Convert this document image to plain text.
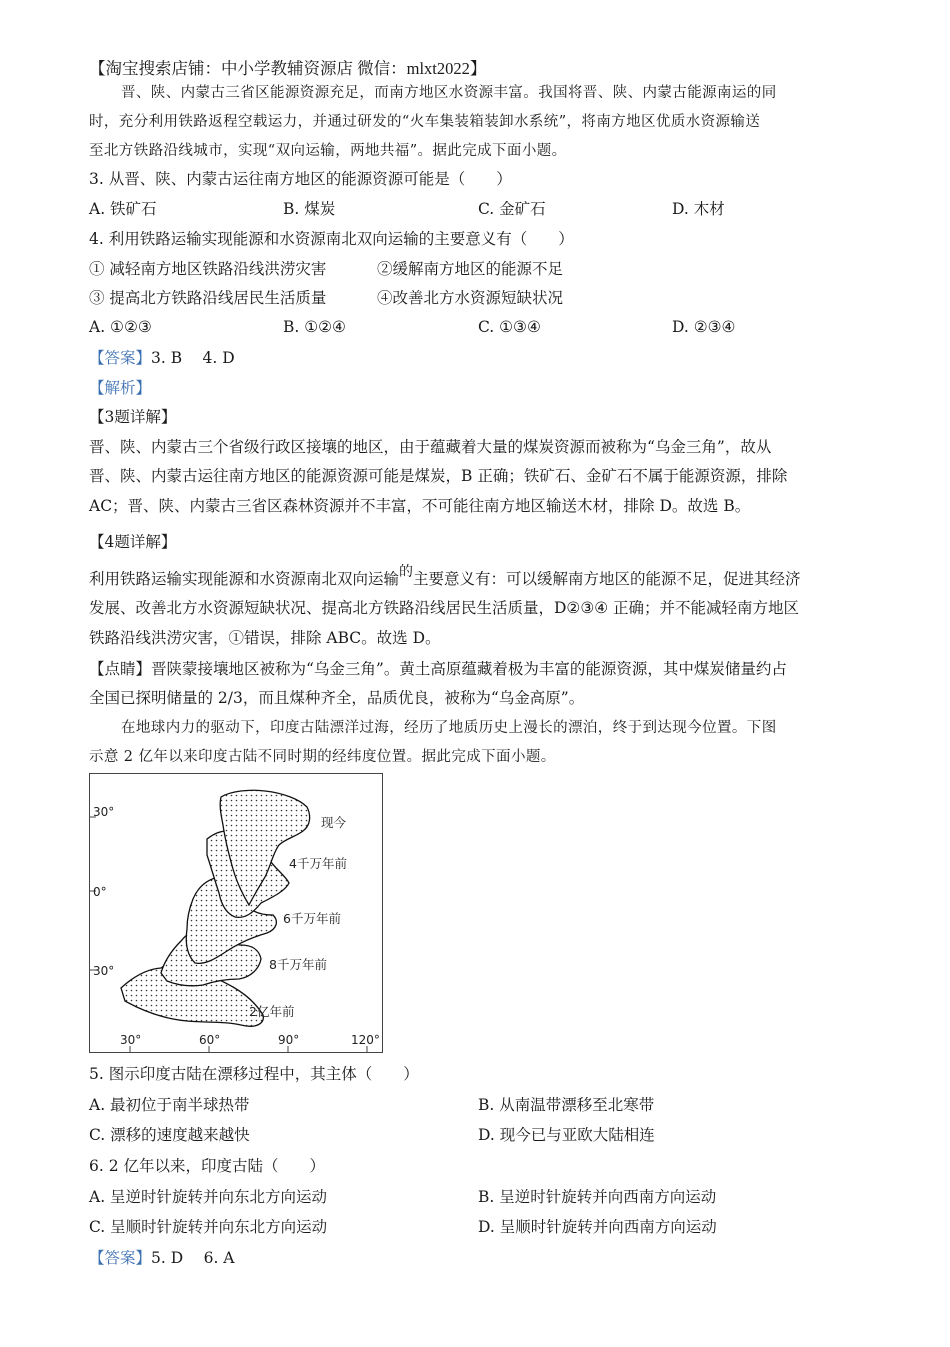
【淘宝搜索店铺：中小学教辅资源店 微信：mlxt2022】
晋、陕、内蒙古三省区能源资源充足，而南方地区水资源丰富。我国将晋、陕、内蒙古能源南运的同
时，充分利用铁路返程空载运力，并通过研发的“火车集装箱装卸水系统”，将南方地区优质水资源输送
至北方铁路沿线城市，实现“双向运输，两地共福”。据此完成下面小题。
3. 从晋、陕、内蒙古运往南方地区的能源资源可能是（　　）
A. 铁矿石	B. 煤炭	C. 金矿石	D. 木材
4. 利用铁路运输实现能源和水资源南北双向运输的主要意义有（　　）
① 减轻南方地区铁路沿线洪涝灾害	②缓解南方地区的能源不足
③ 提高北方铁路沿线居民生活质量	④改善北方水资源短缺状况
A. ①②③	B. ①②④	C. ①③④	D. ②③④
【答案】3. B　 4. D
【解析】
【3题详解】
晋、陕、内蒙古三个省级行政区接壤的地区，由于蕴藏着大量的煤炭资源而被称为“乌金三角”，故从
晋、陕、内蒙古运往南方地区的能源资源可能是煤炭，B 正确；铁矿石、金矿石不属于能源资源，排除
AC；晋、陕、内蒙古三省区森林资源并不丰富，不可能往南方地区输送木材，排除 D。故选 B。
【4题详解】
利用铁路运输实现能源和水资源南北双向运输的主要意义有：可以缓解南方地区的能源不足，促进其经济
发展、改善北方水资源短缺状况、提高北方铁路沿线居民生活质量，D②③④ 正确；并不能减轻南方地区
铁路沿线洪涝灾害，①错误，排除 ABC。故选 D。
【点睛】晋陕蒙接壤地区被称为“乌金三角”。黄土高原蕴藏着极为丰富的能源资源，其中煤炭储量约占
全国已探明储量的 2/3，而且煤种齐全，品质优良，被称为“乌金高原”。
在地球内力的驱动下，印度古陆漂洋过海，经历了地质历史上漫长的漂泊，终于到达现今位置。下图
示意 2 亿年以来印度古陆不同时期的经纬度位置。据此完成下面小题。
30°
0°
30°
30°	60°	90°	120°
现今
4千万年前
6千万年前
8千万年前
2亿年前
5. 图示印度古陆在漂移过程中，其主体（　　）
A. 最初位于南半球热带	B. 从南温带漂移至北寒带
C. 漂移的速度越来越快	D. 现今已与亚欧大陆相连
6. 2 亿年以来，印度古陆（　　）
A. 呈逆时针旋转并向东北方向运动	B. 呈逆时针旋转并向西南方向运动
C. 呈顺时针旋转并向东北方向运动	D. 呈顺时针旋转并向西南方向运动
【答案】5. D　 6. A
